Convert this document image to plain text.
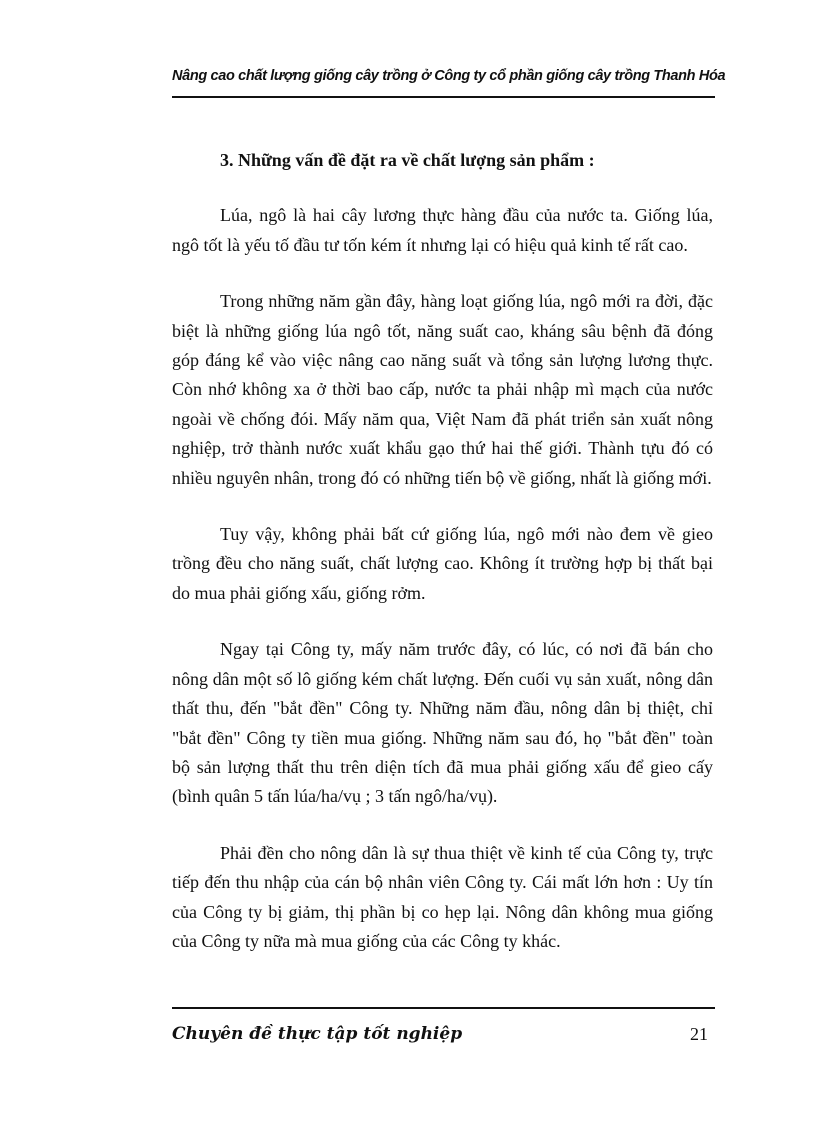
Nâng cao chất lượng giống cây trồng ở Công ty cổ phần giống cây trồng Thanh Hóa
3. Những vấn đề đặt ra về chất lượng sản phẩm :

Lúa, ngô là hai cây lương thực hàng đầu của nước ta. Giống lúa, ngô tốt là yếu tố đầu tư tốn kém ít nhưng lại có hiệu quả kinh tế rất cao.

Trong những năm gần đây, hàng loạt giống lúa, ngô mới ra đời, đặc biệt là những giống lúa ngô tốt, năng suất cao, kháng sâu bệnh đã đóng góp đáng kể vào việc nâng cao năng suất và tổng sản lượng lương thực. Còn nhớ không xa ở thời bao cấp, nước ta phải nhập mì mạch của nước ngoài về chống đói. Mấy năm qua, Việt Nam đã phát triển sản xuất nông nghiệp, trở thành nước xuất khẩu gạo thứ hai thế giới. Thành tựu đó có nhiều nguyên nhân, trong đó có những tiến bộ về giống, nhất là giống mới.

Tuy vậy, không phải bất cứ giống lúa, ngô mới nào đem về gieo trồng đều cho năng suất, chất lượng cao. Không ít trường hợp bị thất bại do mua phải giống xấu, giống rởm.

Ngay tại Công ty, mấy năm trước đây, có lúc, có nơi đã bán cho nông dân một số lô giống kém chất lượng. Đến cuối vụ sản xuất, nông dân thất thu, đến "bắt đền" Công ty. Những năm đầu, nông dân bị thiệt, chỉ "bắt đền" Công ty tiền mua giống. Những năm sau đó, họ "bắt đền" toàn bộ sản lượng thất thu trên diện tích đã mua phải giống xấu để gieo cấy (bình quân 5 tấn lúa/ha/vụ ; 3 tấn ngô/ha/vụ).

Phải đền cho nông dân là sự thua thiệt về kinh tế của Công ty, trực tiếp đến thu nhập của cán bộ nhân viên Công ty. Cái mất lớn hơn : Uy tín của Công ty bị giảm, thị phần bị co hẹp lại. Nông dân không mua giống của Công ty nữa mà mua giống của các Công ty khác.

Chuyên đề thực tập tốt nghiệp	21
